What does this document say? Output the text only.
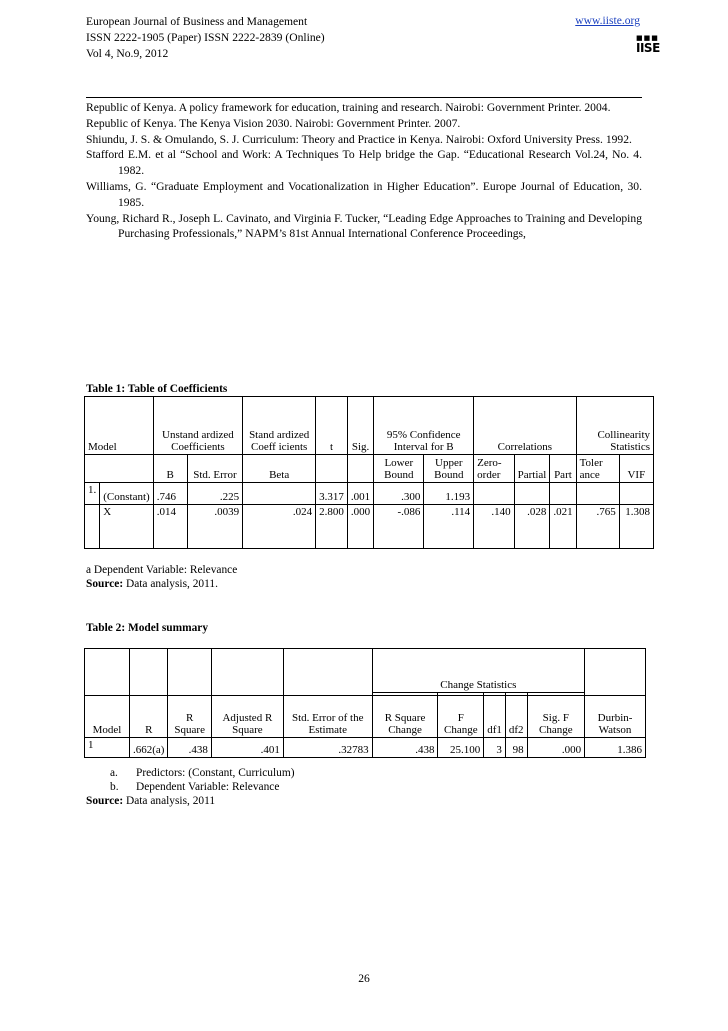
European Journal of Business and Management	www.iiste.org
ISSN 2222-1905 (Paper) ISSN 2222-2839 (Online)
Vol 4, No.9, 2012
■■■
IISE
Republic of Kenya. A policy framework for education, training and research. Nairobi: Government Printer. 2004.
Republic of Kenya. The Kenya Vision 2030. Nairobi: Government Printer. 2007.
Shiundu, J. S. & Omulando, S. J. Curriculum: Theory and Practice in Kenya. Nairobi: Oxford University Press. 1992.
Stafford E.M. et al “School and Work: A Techniques To Help bridge the Gap. “Educational Research Vol.24, No. 4. 1982.
Williams, G. “Graduate Employment and Vocationalization in Higher Education”. Europe Journal of Education, 30. 1985.
Young, Richard R., Joseph L. Cavinato, and Virginia F. Tucker, “Leading Edge Approaches to Training and Developing Purchasing Professionals,” NAPM’s 81st Annual International Conference Proceedings,
Table 1: Table of Coefficients
Model		Unstand ardized Coefficients		Stand ardized Coeff icients	t	Sig.	95% Confidence Interval for B		Correlations			Collinearity Statistics	
		B	Std. Error	Beta			Lower Bound	Upper Bound	Zero-order	Partial	Part	Toler ance	VIF
1.	(Constant)	.746	.225		3.317	.001	.300	1.193					
	X	.014	.0039	.024	2.800	.000	-.086	.114	.140	.028	.021	.765	1.308
a Dependent Variable: Relevance
Source: Data analysis, 2011.
Table 2: Model summary
					Change Statistics					

Model	R	R Square	Adjusted R Square	Std. Error of the Estimate	R Square Change	F Change	df1	df2	Sig. F Change	Durbin-Watson
1	.662(a)	.438	.401	.32783	.438	25.100	3	98	.000	1.386
a. Predictors: (Constant, Curriculum)
b. Dependent Variable: Relevance
Source: Data analysis, 2011
26
